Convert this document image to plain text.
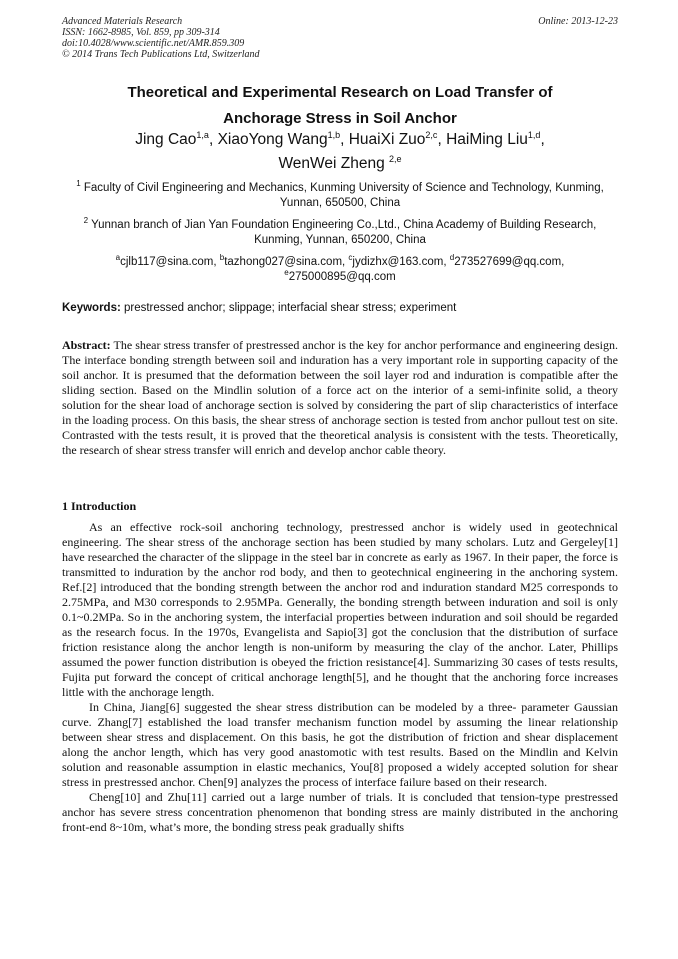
Advanced Materials Research
ISSN: 1662-8985, Vol. 859, pp 309-314
doi:10.4028/www.scientific.net/AMR.859.309
© 2014 Trans Tech Publications Ltd, Switzerland
Online: 2013-12-23
Theoretical and Experimental Research on Load Transfer of
Anchorage Stress in Soil Anchor
Jing Cao$^{1,a}$, XiaoYong Wang$^{1,b}$, HuaiXi Zuo$^{2,c}$, HaiMing Liu$^{1,d}$,
WenWei Zheng $^{2,e}$
$^1$ Faculty of Civil Engineering and Mechanics, Kunming University of Science and Technology, Kunming, Yunnan, 650500, China
$^2$ Yunnan branch of Jian Yan Foundation Engineering Co.,Ltd., China Academy of Building Research, Kunming, Yunnan, 650200, China
$^a$cjlb117@sina.com, $^b$tazhong027@sina.com, $^c$jydizhx@163.com, $^d$273527699@qq.com,
$^e$275000895@qq.com
Keywords: prestressed anchor; slippage; interfacial shear stress; experiment
Abstract: The shear stress transfer of prestressed anchor is the key for anchor performance and engineering design. The interface bonding strength between soil and induration has a very important role in supporting capacity of the soil anchor. It is presumed that the deformation between the soil layer rod and induration is compatible after the sliding section. Based on the Mindlin solution of a force act on the interior of a semi-infinite solid, a theory solution for the shear load of anchorage section is solved by considering the part of slip characteristics of interface in the loading process. On this basis, the shear stress of anchorage section is tested from anchor pullout test on site. Contrasted with the tests result, it is proved that the theoretical analysis is consistent with the tests. Theoretically, the research of shear stress transfer will enrich and develop anchor cable theory.
1 Introduction

As an effective rock-soil anchoring technology, prestressed anchor is widely used in geotechnical engineering. The shear stress of the anchorage section has been studied by many scholars. Lutz and Gergeley[1] have researched the character of the slippage in the steel bar in concrete as early as 1967. In their paper, the force is transmitted to induration by the anchor rod body, and then to geotechnical engineering in the anchoring system. Ref.[2] introduced that the bonding strength between the anchor rod and induration standard M25 corresponds to 2.75MPa, and M30 corresponds to 2.95MPa. Generally, the bonding strength between induration and soil is only 0.1~0.2MPa. So in the anchoring system, the interfacial properties between induration and soil should be regarded as the research focus. In the 1970s, Evangelista and Sapio[3] got the conclusion that the distribution of surface friction resistance along the anchor length is non-uniform by measuring the clay of the anchor. Later, Phillips assumed the power function distribution is obeyed the friction resistance[4]. Summarizing 30 cases of tests results, Fujita put forward the concept of critical anchorage length[5], and he thought that the anchoring force increases little with the anchorage length.

In China, Jiang[6] suggested the shear stress distribution can be modeled by a three- parameter Gaussian curve. Zhang[7] established the load transfer mechanism function model by assuming the linear relationship between shear stress and displacement. On this basis, he got the distribution of friction and shear displacement along the anchor length, which has very good anastomotic with test results. Based on the Mindlin and Kelvin solution and reasonable assumption in elastic mechanics, You[8] proposed a widely accepted solution for shear stress in prestressed anchor. Chen[9] analyzes the process of interface failure based on their research.

Cheng[10] and Zhu[11] carried out a large number of trials. It is concluded that tension-type prestressed anchor has severe stress concentration phenomenon that bonding stress are mainly distributed in the anchoring front-end 8~10m, what’s more, the bonding stress peak gradually shifts
